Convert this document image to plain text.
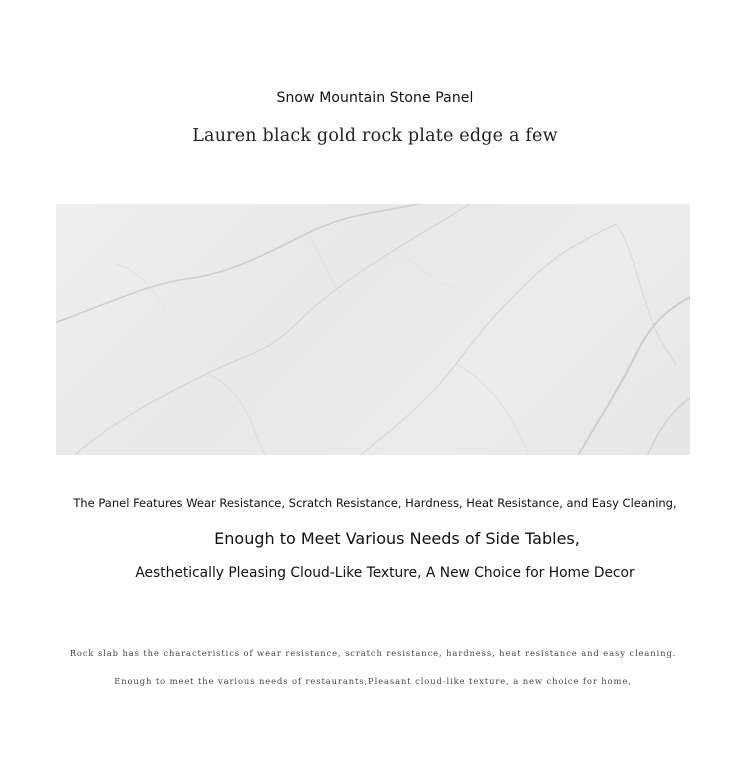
Snow Mountain Stone Panel
Lauren black gold rock plate edge a few
The Panel Features Wear Resistance, Scratch Resistance, Hardness, Heat Resistance, and Easy Cleaning,
Enough to Meet Various Needs of Side Tables,
Aesthetically Pleasing Cloud-Like Texture, A New Choice for Home Decor
Rock slab has the characteristics of wear resistance, scratch resistance, hardness, heat resistance and easy cleaning.
Enough to meet the various needs of restaurants,Pleasant cloud-like texture, a new choice for home,
